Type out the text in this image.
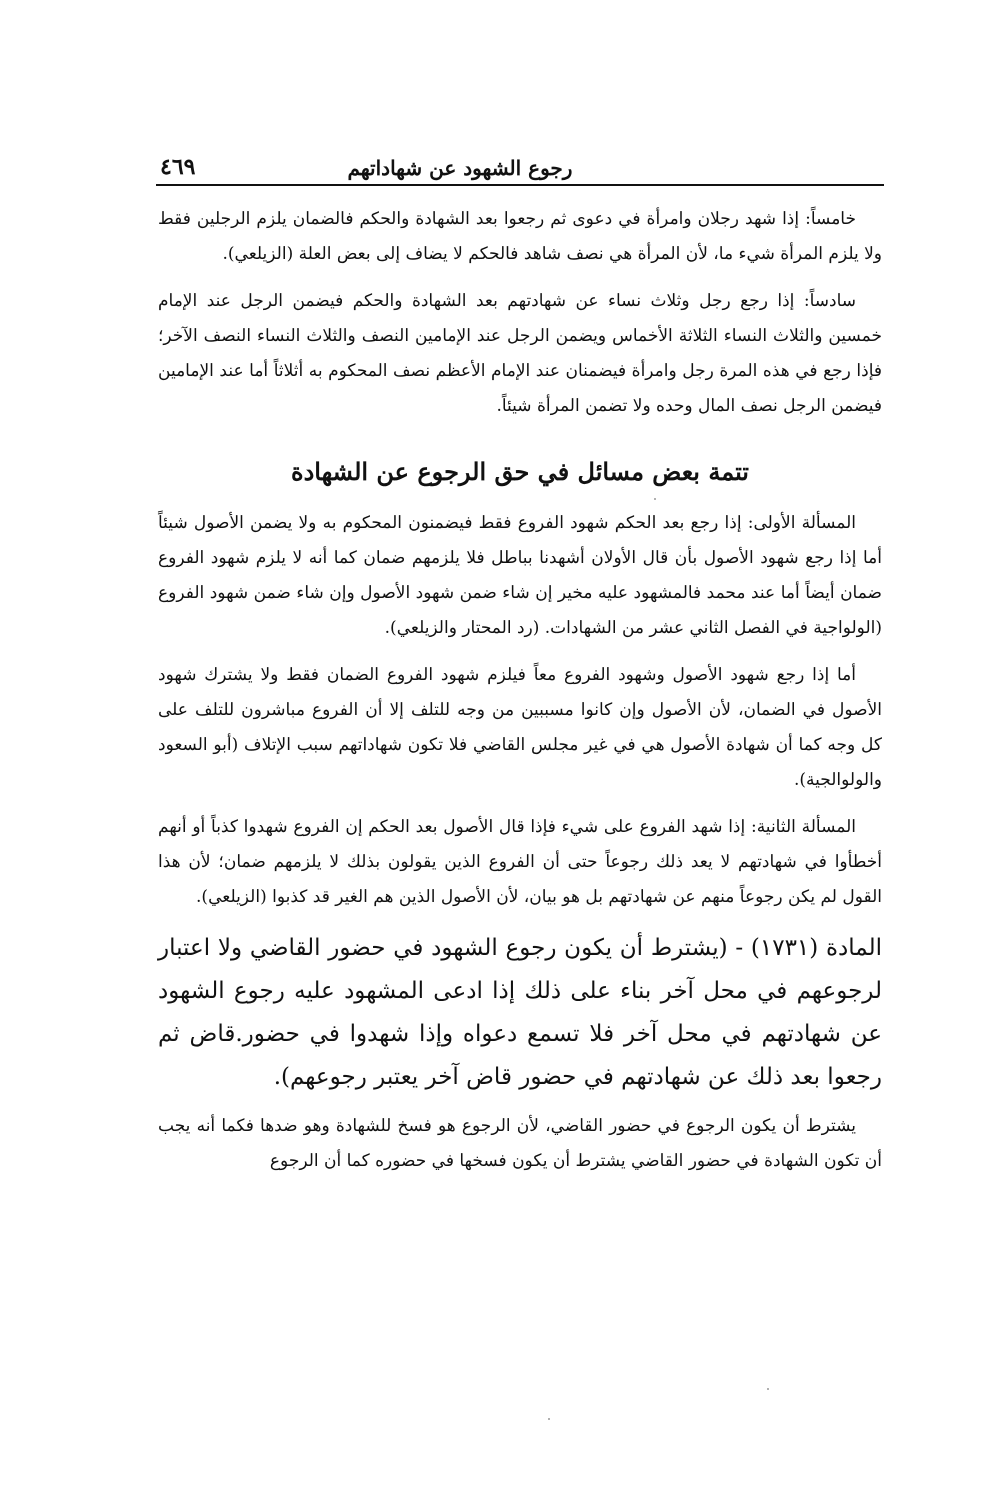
رجوع الشهود عن شهاداتهم
٤٦٩

خامساً: إذا شهد رجلان وامرأة في دعوى ثم رجعوا بعد الشهادة والحكم فالضمان يلزم الرجلين فقط ولا يلزم المرأة شيء ما، لأن المرأة هي نصف شاهد فالحكم لا يضاف إلى بعض العلة (الزيلعي).

سادساً: إذا رجع رجل وثلاث نساء عن شهادتهم بعد الشهادة والحكم فيضمن الرجل عند الإمام خمسين والثلاث النساء الثلاثة الأخماس ويضمن الرجل عند الإمامين النصف والثلاث النساء النصف الآخر؛ فإذا رجع في هذه المرة رجل وامرأة فيضمنان عند الإمام الأعظم نصف المحكوم به أثلاثاً أما عند الإمامين فيضمن الرجل نصف المال وحده ولا تضمن المرأة شيئاً.

تتمة بعض مسائل في حق الرجوع عن الشهادة

المسألة الأولى: إذا رجع بعد الحكم شهود الفروع فقط فيضمنون المحكوم به ولا يضمن الأصول شيئاً أما إذا رجع شهود الأصول بأن قال الأولان أشهدنا بباطل فلا يلزمهم ضمان كما أنه لا يلزم شهود الفروع ضمان أيضاً أما عند محمد فالمشهود عليه مخير إن شاء ضمن شهود الأصول وإن شاء ضمن شهود الفروع (الولواجية في الفصل الثاني عشر من الشهادات. (رد المحتار والزيلعي).

أما إذا رجع شهود الأصول وشهود الفروع معاً فيلزم شهود الفروع الضمان فقط ولا يشترك شهود الأصول في الضمان، لأن الأصول وإن كانوا مسببين من وجه للتلف إلا أن الفروع مباشرون للتلف على كل وجه كما أن شهادة الأصول هي في غير مجلس القاضي فلا تكون شهاداتهم سبب الإتلاف (أبو السعود والولوالجية).

المسألة الثانية: إذا شهد الفروع على شيء فإذا قال الأصول بعد الحكم إن الفروع شهدوا كذباً أو أنهم أخطأوا في شهادتهم لا يعد ذلك رجوعاً حتى أن الفروع الذين يقولون بذلك لا يلزمهم ضمان؛ لأن هذا القول لم يكن رجوعاً منهم عن شهادتهم بل هو بيان، لأن الأصول الذين هم الغير قد كذبوا (الزيلعي).

المادة (١٧٣١) - (يشترط أن يكون رجوع الشهود في حضور القاضي ولا اعتبار لرجوعهم في محل آخر بناء على ذلك إذا ادعى المشهود عليه رجوع الشهود عن شهادتهم في محل آخر فلا تسمع دعواه وإذا شهدوا في حضور.قاض ثم رجعوا بعد ذلك عن شهادتهم في حضور قاض آخر يعتبر رجوعهم).

يشترط أن يكون الرجوع في حضور القاضي، لأن الرجوع هو فسخ للشهادة وهو ضدها فكما أنه يجب أن تكون الشهادة في حضور القاضي يشترط أن يكون فسخها في حضوره كما أن الرجوع
